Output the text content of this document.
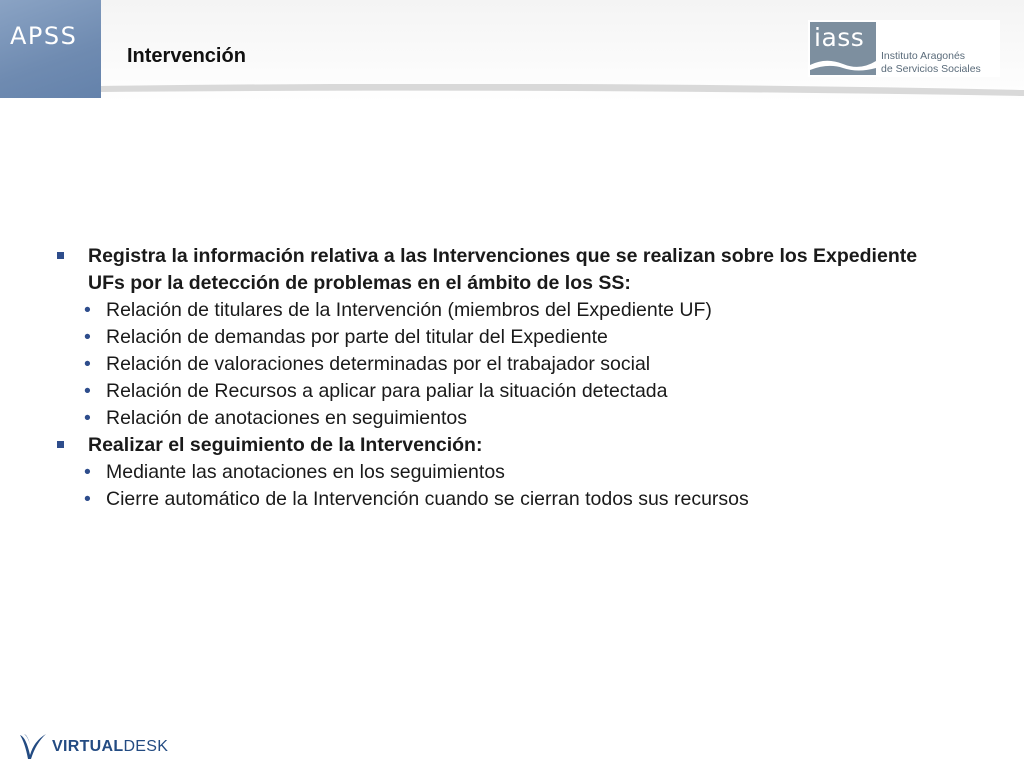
APSS
Intervención
iass
Instituto Aragonés
de Servicios Sociales
Registra la información relativa a las Intervenciones que se realizan sobre los Expediente UFs por la detección de problemas en el ámbito de los SS:
• Relación de titulares de la Intervención (miembros del Expediente UF)
• Relación de demandas por parte del titular del Expediente
• Relación de valoraciones determinadas por el trabajador social
• Relación de Recursos a aplicar para paliar la situación detectada
• Relación de anotaciones en seguimientos
Realizar el seguimiento de la Intervención:
• Mediante las anotaciones en los seguimientos
• Cierre automático de la Intervención cuando se cierran todos sus recursos
VIRTUALDESK
